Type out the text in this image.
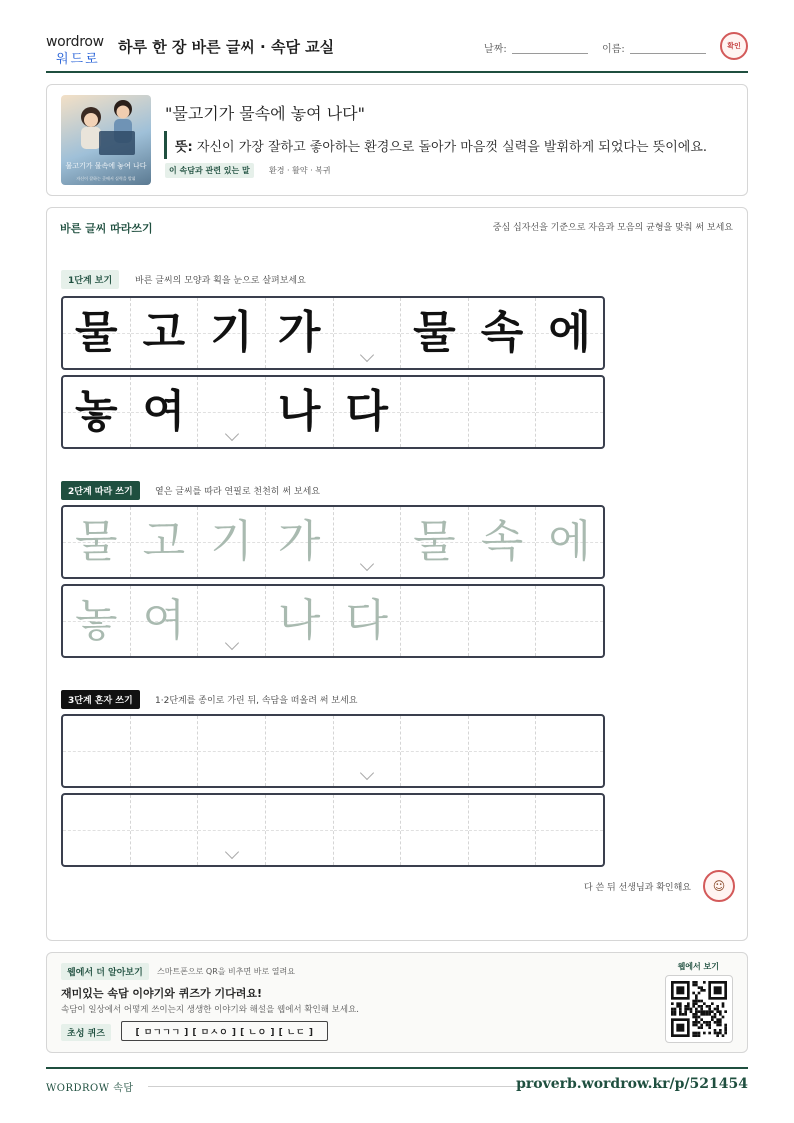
wordrow
워드로
하루 한 장 바른 글씨 · 속담 교실	날짜:	이름:	확인
물고기가 물속에 놓여 나다
자신이 잘하는 곳에서 실력을 발휘
"물고기가 물속에 놓여 나다"
뜻: 자신이 가장 잘하고 좋아하는 환경으로 돌아가 마음껏 실력을 발휘하게 되었다는 뜻이에요.
이 속담과 관련 있는 말	환경 · 활약 · 복귀
바른 글씨 따라쓰기	중심 십자선을 기준으로 자음과 모음의 균형을 맞춰 써 보세요
1단계 보기	바른 글씨의 모양과 획을 눈으로 살펴보세요
물 고 기 가 물 속 에
놓 여 나 다
2단계 따라 쓰기	옅은 글씨를 따라 연필로 천천히 써 보세요
물 고 기 가 물 속 에
놓 여 나 다
3단계 혼자 쓰기	1·2단계를 종이로 가린 뒤, 속담을 떠올려 써 보세요
다 쓴 뒤 선생님과 확인해요 ☺
웹에서 더 알아보기	스마트폰으로 QR을 비추면 바로 열려요
재미있는 속담 이야기와 퀴즈가 기다려요!
속담이 일상에서 어떻게 쓰이는지 생생한 이야기와 해설을 웹에서 확인해 보세요.
초성 퀴즈	[ ㅁㄱㄱㄱ ] [ ㅁㅅㅇ ] [ ㄴㅇ ] [ ㄴㄷ ]
웹에서 보기
WORDROW 속담	proverb.wordrow.kr/p/521454
